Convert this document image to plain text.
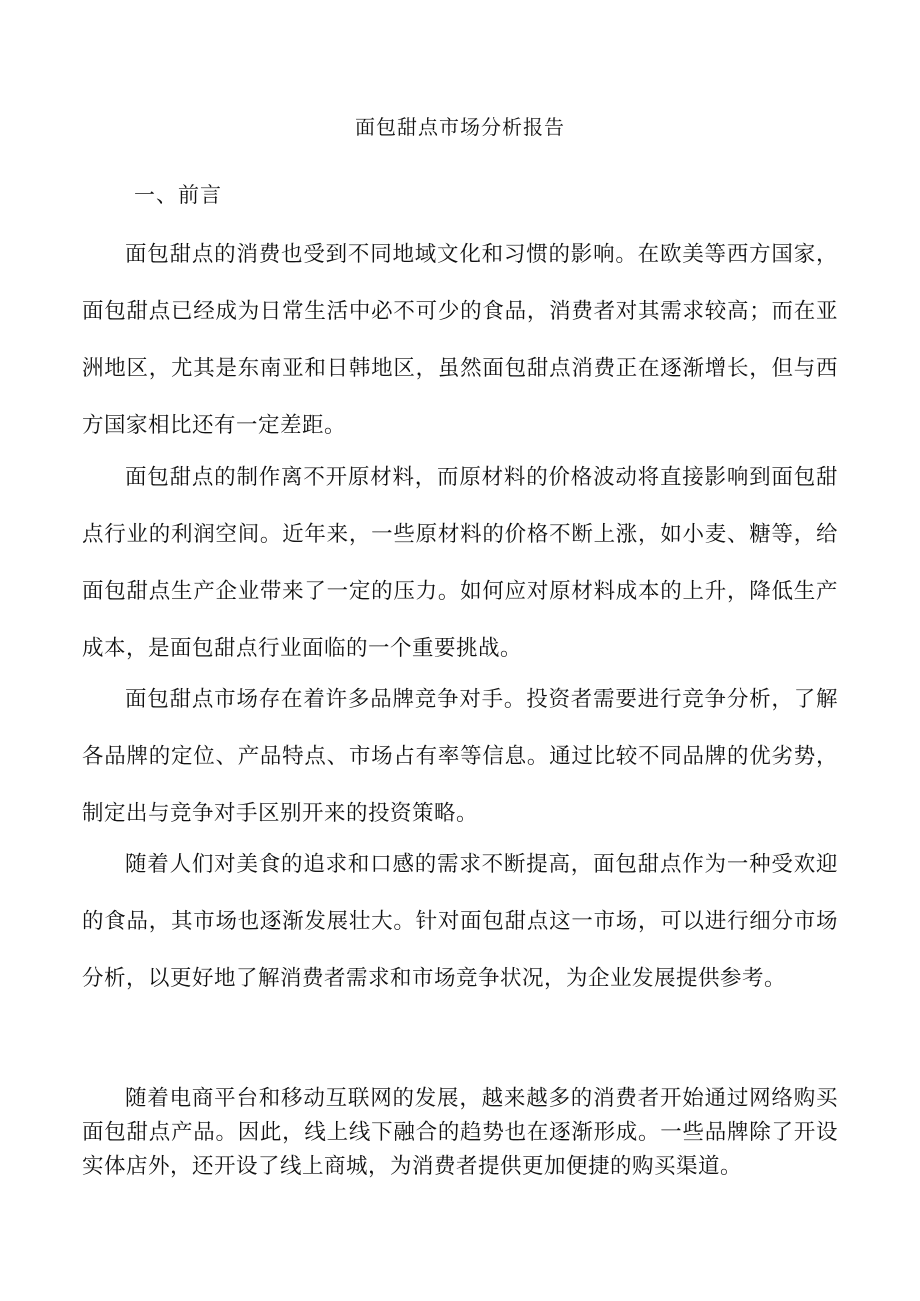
面包甜点市场分析报告
一、前言

面包甜点的消费也受到不同地域文化和习惯的影响。在欧美等西方国家，面包甜点已经成为日常生活中必不可少的食品，消费者对其需求较高；而在亚洲地区，尤其是东南亚和日韩地区，虽然面包甜点消费正在逐渐增长，但与西方国家相比还有一定差距。

面包甜点的制作离不开原材料，而原材料的价格波动将直接影响到面包甜点行业的利润空间。近年来，一些原材料的价格不断上涨，如小麦、糖等，给面包甜点生产企业带来了一定的压力。如何应对原材料成本的上升，降低生产成本，是面包甜点行业面临的一个重要挑战。

面包甜点市场存在着许多品牌竞争对手。投资者需要进行竞争分析，了解各品牌的定位、产品特点、市场占有率等信息。通过比较不同品牌的优劣势，制定出与竞争对手区别开来的投资策略。

随着人们对美食的追求和口感的需求不断提高，面包甜点作为一种受欢迎的食品，其市场也逐渐发展壮大。针对面包甜点这一市场，可以进行细分市场分析，以更好地了解消费者需求和市场竞争状况，为企业发展提供参考。

随着电商平台和移动互联网的发展，越来越多的消费者开始通过网络购买面包甜点产品。因此，线上线下融合的趋势也在逐渐形成。一些品牌除了开设实体店外，还开设了线上商城，为消费者提供更加便捷的购买渠道。
